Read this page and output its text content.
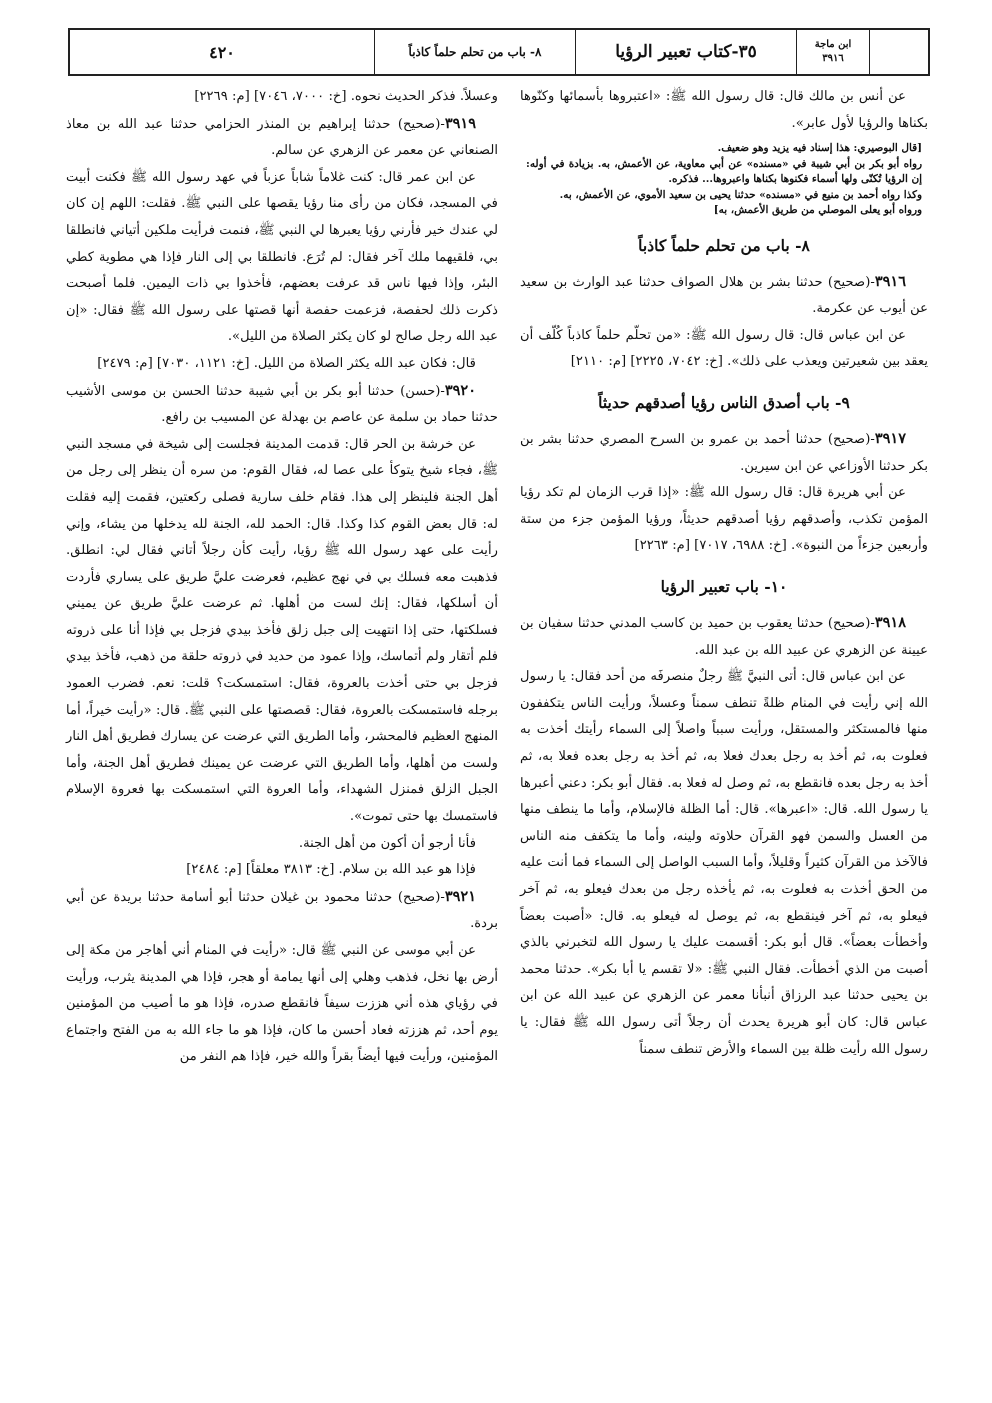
ابن ماجة
٣٩١٦
٣٥-كتاب تعبير الرؤيا
٨- باب من تحلم حلماً كاذباً
٤٢٠

عن أنس بن مالك قال: قال رسول الله ﷺ: «اعتبروها بأسمائها وكنّوها بكناها والرؤيا لأول عابر».

[قال البوصيري: هذا إسناد فيه يزيد وهو ضعيف.
رواه أبو بكر بن أبي شيبة في «مسنده» عن أبي معاوية، عن الأعمش، به. بزيادة في أوله: إن الرؤيا تُكنّى ولها أسماء فكنوها بكناها واعبروها... فذكره.
وكذا رواه أحمد بن منيع في «مسنده» حدثنا يحيى بن سعيد الأموي، عن الأعمش، به.
ورواه أبو يعلى الموصلي من طريق الأعمش، به]
٨- باب من تحلم حلماً كاذباً

٣٩١٦-(صحيح) حدثنا بشر بن هلال الصواف حدثنا عبد الوارث بن سعيد عن أيوب عن عكرمة.

عن ابن عباس قال: قال رسول الله ﷺ: «من تحلّم حلماً كاذباً كُلّف أن يعقد بين شعيرتين ويعذب على ذلك». [خ: ٧٠٤٢، ٢٢٢٥] [م: ٢١١٠]

٩- باب أصدق الناس رؤيا أصدقهم حديثاً

٣٩١٧-(صحيح) حدثنا أحمد بن عمرو بن السرح المصري حدثنا بشر بن بكر حدثنا الأوزاعي عن ابن سيرين.

عن أبي هريرة قال: قال رسول الله ﷺ: «إذا قرب الزمان لم تكد رؤيا المؤمن تكذب، وأصدقهم رؤيا أصدقهم حديثاً، ورؤيا المؤمن جزء من ستة وأربعين جزءاً من النبوة». [خ: ٦٩٨٨، ٧٠١٧] [م: ٢٢٦٣]

١٠- باب تعبير الرؤيا

٣٩١٨-(صحيح) حدثنا يعقوب بن حميد بن كاسب المدني حدثنا سفيان بن عيينة عن الزهري عن عبيد الله بن عبد الله.

عن ابن عباس قال: أتى النبيَّ ﷺ رجلٌ منصرفَه من أحد فقال: يا رسول الله إني رأيت في المنام ظلةً تنطف سمناً وعسلاً، ورأيت الناس يتكففون منها فالمستكثر والمستقل، ورأيت سبباً واصلاً إلى السماء رأيتك أخذت به فعلوت به، ثم أخذ به رجل بعدك فعلا به، ثم أخذ به رجل بعده فعلا به، ثم أخذ به رجل بعده فانقطع به، ثم وصل له فعلا به. فقال أبو بكر: دعني أعبرها يا رسول الله. قال: «اعبرها». قال: أما الظلة فالإسلام، وأما ما ينطف منها من العسل والسمن فهو القرآن حلاوته ولينه، وأما ما يتكفف منه الناس فالآخذ من القرآن كثيراً وقليلاً، وأما السبب الواصل إلى السماء فما أنت عليه من الحق أخذت به فعلوت به، ثم يأخذه رجل من بعدك فيعلو به، ثم آخر فيعلو به، ثم آخر فينقطع به، ثم يوصل له فيعلو به. قال: «أصبت بعضاً وأخطأت بعضاً». قال أبو بكر: أقسمت عليك يا رسول الله لتخبرني بالذي أصبت من الذي أخطأت. فقال النبي ﷺ: «لا تقسم يا أبا بكر». حدثنا محمد بن يحيى حدثنا عبد الرزاق أنبأنا معمر عن الزهري عن عبيد الله عن ابن عباس قال: كان أبو هريرة يحدث أن رجلاً أتى رسول الله ﷺ فقال: يا رسول الله رأيت ظلة بين السماء والأرض تنطف سمناً

وعسلاً. فذكر الحديث نحوه. [خ: ٧٠٠٠، ٧٠٤٦] [م: ٢٢٦٩]

٣٩١٩-(صحيح) حدثنا إبراهيم بن المنذر الحزامي حدثنا عبد الله بن معاذ الصنعاني عن معمر عن الزهري عن سالم.

عن ابن عمر قال: كنت غلاماً شاباً عزباً في عهد رسول الله ﷺ فكنت أبيت في المسجد، فكان من رأى منا رؤيا يقصها على النبي ﷺ. فقلت: اللهم إن كان لي عندك خير فأرني رؤيا يعبرها لي النبي ﷺ، فنمت فرأيت ملكين أتياني فانطلقا بي، فلقيهما ملك آخر فقال: لم تُرَع. فانطلقا بي إلى النار فإذا هي مطوية كطي البئر، وإذا فيها ناس قد عرفت بعضهم، فأخذوا بي ذات اليمين. فلما أصبحت ذكرت ذلك لحفصة، فزعمت حفصة أنها قصتها على رسول الله ﷺ فقال: «إن عبد الله رجل صالح لو كان يكثر الصلاة من الليل».

قال: فكان عبد الله يكثر الصلاة من الليل. [خ: ١١٢١، ٧٠٣٠] [م: ٢٤٧٩]

٣٩٢٠-(حسن) حدثنا أبو بكر بن أبي شيبة حدثنا الحسن بن موسى الأشيب حدثنا حماد بن سلمة عن عاصم بن بهدلة عن المسيب بن رافع.

عن خرشة بن الحر قال: قدمت المدينة فجلست إلى شيخة في مسجد النبي ﷺ، فجاء شيخ يتوكأ على عصا له، فقال القوم: من سره أن ينظر إلى رجل من أهل الجنة فلينظر إلى هذا. فقام خلف سارية فصلى ركعتين، فقمت إليه فقلت له: قال بعض القوم كذا وكذا. قال: الحمد لله، الجنة لله يدخلها من يشاء، وإني رأيت على عهد رسول الله ﷺ رؤيا، رأيت كأن رجلاً أتاني فقال لي: انطلق. فذهبت معه فسلك بي في نهج عظيم، فعرضت عليَّ طريق على يساري فأردت أن أسلكها، فقال: إنك لست من أهلها. ثم عرضت عليَّ طريق عن يميني فسلكتها، حتى إذا انتهيت إلى جبل زلق فأخذ بيدي فزجل بي فإذا أنا على ذروته فلم أتقار ولم أتماسك، وإذا عمود من حديد في ذروته حلقة من ذهب، فأخذ بيدي فزجل بي حتى أخذت بالعروة، فقال: استمسكت؟ قلت: نعم. فضرب العمود برجله فاستمسكت بالعروة، فقال: قصصتها على النبي ﷺ. قال: «رأيت خيراً، أما المنهج العظيم فالمحشر، وأما الطريق التي عرضت عن يسارك فطريق أهل النار ولست من أهلها، وأما الطريق التي عرضت عن يمينك فطريق أهل الجنة، وأما الجبل الزلق فمنزل الشهداء، وأما العروة التي استمسكت بها فعروة الإسلام فاستمسك بها حتى تموت».

فأنا أرجو أن أكون من أهل الجنة.

فإذا هو عبد الله بن سلام. [خ: ٣٨١٣ معلقاً] [م: ٢٤٨٤]

٣٩٢١-(صحيح) حدثنا محمود بن غيلان حدثنا أبو أسامة حدثنا بريدة عن أبي بردة.

عن أبي موسى عن النبي ﷺ قال: «رأيت في المنام أني أهاجر من مكة إلى أرض بها نخل، فذهب وهلي إلى أنها يمامة أو هجر، فإذا هي المدينة يثرب، ورأيت في رؤياي هذه أني هززت سيفاً فانقطع صدره، فإذا هو ما أصيب من المؤمنين يوم أحد، ثم هززته فعاد أحسن ما كان، فإذا هو ما جاء الله به من الفتح واجتماع المؤمنين، ورأيت فيها أيضاً بقراً والله خير، فإذا هم النفر من
